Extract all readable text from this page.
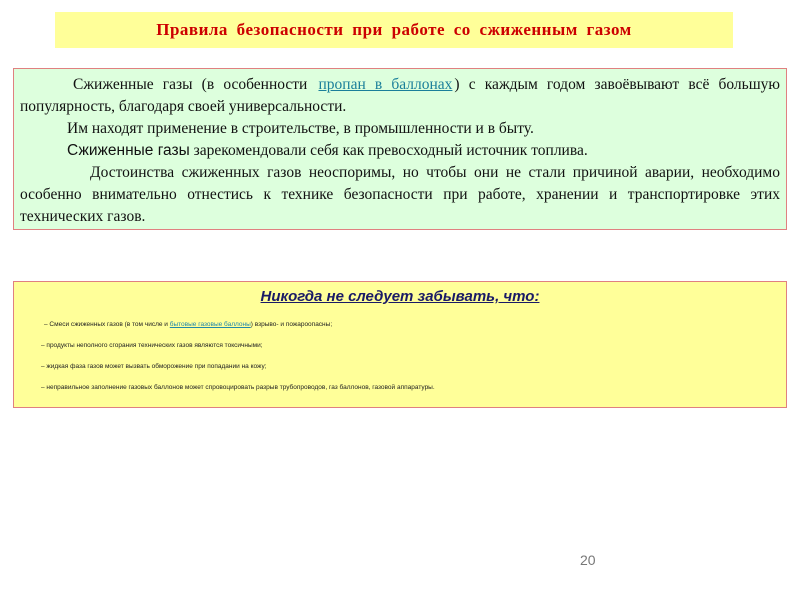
Правила безопасности при работе со сжиженным газом

Сжиженные газы (в особенности пропан в баллонах ) с каждым годом завоёвывают всё большую популярность, благодаря своей универсальности.

Им находят применение в строительстве, в промышленности и в быту.

Сжиженные газы зарекомендовали себя как превосходный источник топлива.

Достоинства сжиженных газов неоспоримы, но чтобы они не стали причиной аварии, необходимо особенно внимательно отнестись к технике безопасности при работе, хранении и транспортировке этих технических газов.

Никогда не следует забывать, что:
– Смеси сжиженных газов (в том числе и бытовые газовые баллоны) взрыво- и пожароопасны;
– продукты неполного сгорания технических газов являются токсичными;
– жидкая фаза газов может вызвать обморожение при попадании на кожу;
– неправильное заполнение газовых баллонов может спровоцировать разрыв трубопроводов, газ баллонов, газовой аппаратуры.
20
